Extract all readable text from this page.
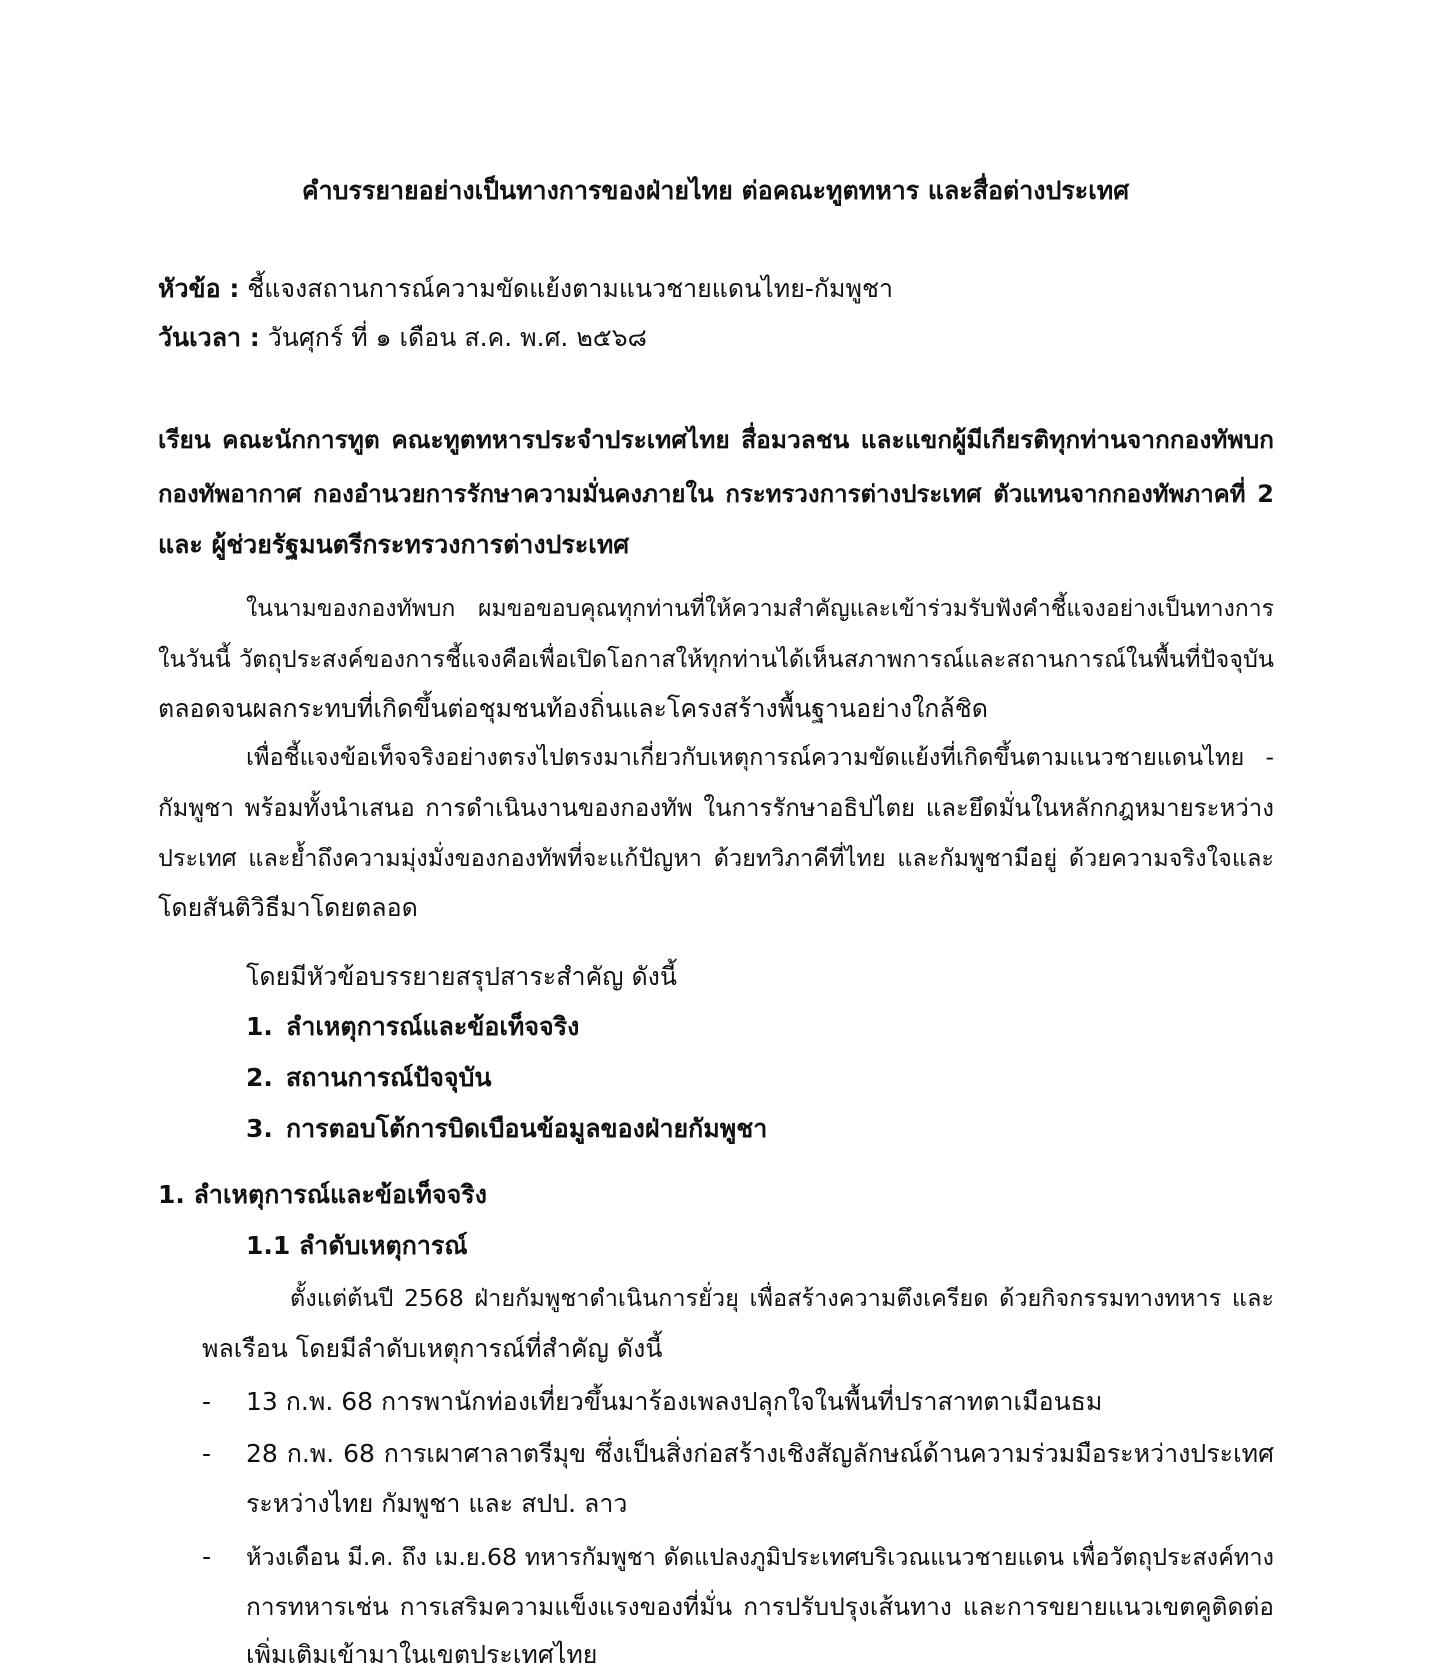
คำบรรยายอย่างเป็นทางการของฝ่ายไทย ต่อคณะทูตทหาร และสื่อต่างประเทศ
หัวข้อ : ชี้แจงสถานการณ์ความขัดแย้งตามแนวชายแดนไทย-กัมพูชา
วันเวลา : วันศุกร์ ที่ ๑ เดือน ส.ค. พ.ศ. ๒๕๖๘
เรียน คณะนักการทูต คณะทูตทหารประจำประเทศไทย สื่อมวลชน และแขกผู้มีเกียรติทุกท่านจากกองทัพบก
กองทัพอากาศ กองอำนวยการรักษาความมั่นคงภายใน กระทรวงการต่างประเทศ ตัวแทนจากกองทัพภาคที่ 2
และ ผู้ช่วยรัฐมนตรีกระทรวงการต่างประเทศ
ในนามของกองทัพบก ผมขอขอบคุณทุกท่านที่ให้ความสำคัญและเข้าร่วมรับฟังคำชี้แจงอย่างเป็นทางการ
ในวันนี้ วัตถุประสงค์ของการชี้แจงคือเพื่อเปิดโอกาสให้ทุกท่านได้เห็นสภาพการณ์และสถานการณ์ในพื้นที่ปัจจุบัน
ตลอดจนผลกระทบที่เกิดขึ้นต่อชุมชนท้องถิ่นและโครงสร้างพื้นฐานอย่างใกล้ชิด
เพื่อชี้แจงข้อเท็จจริงอย่างตรงไปตรงมาเกี่ยวกับเหตุการณ์ความขัดแย้งที่เกิดขึ้นตามแนวชายแดนไทย -
กัมพูชา พร้อมทั้งนำเสนอ การดำเนินงานของกองทัพ ในการรักษาอธิปไตย และยึดมั่นในหลักกฎหมายระหว่าง
ประเทศ และย้ำถึงความมุ่งมั่งของกองทัพที่จะแก้ปัญหา ด้วยทวิภาคีที่ไทย และกัมพูชามีอยู่ ด้วยความจริงใจและ
โดยสันติวิธีมาโดยตลอด
โดยมีหัวข้อบรรยายสรุปสาระสำคัญ ดังนี้
1. ลำเหตุการณ์และข้อเท็จจริง
2. สถานการณ์ปัจจุบัน
3. การตอบโต้การบิดเบือนข้อมูลของฝ่ายกัมพูชา
1. ลำเหตุการณ์และข้อเท็จจริง
1.1 ลำดับเหตุการณ์
ตั้งแต่ต้นปี 2568 ฝ่ายกัมพูชาดำเนินการยั่วยุ เพื่อสร้างความตึงเครียด ด้วยกิจกรรมทางทหาร และ
พลเรือน โดยมีลำดับเหตุการณ์ที่สำคัญ ดังนี้
- 13 ก.พ. 68 การพานักท่องเที่ยวขึ้นมาร้องเพลงปลุกใจในพื้นที่ปราสาทตาเมือนธม
- 28 ก.พ. 68 การเผาศาลาตรีมุข ซึ่งเป็นสิ่งก่อสร้างเชิงสัญลักษณ์ด้านความร่วมมือระหว่างประเทศ
ระหว่างไทย กัมพูชา และ สปป. ลาว
- ห้วงเดือน มี.ค. ถึง เม.ย.68 ทหารกัมพูชา ดัดแปลงภูมิประเทศบริเวณแนวชายแดน เพื่อวัตถุประสงค์ทาง
การทหารเช่น การเสริมความแข็งแรงของที่มั่น การปรับปรุงเส้นทาง และการขยายแนวเขตคูติดต่อ
เพิ่มเติมเข้ามาในเขตประเทศไทย
